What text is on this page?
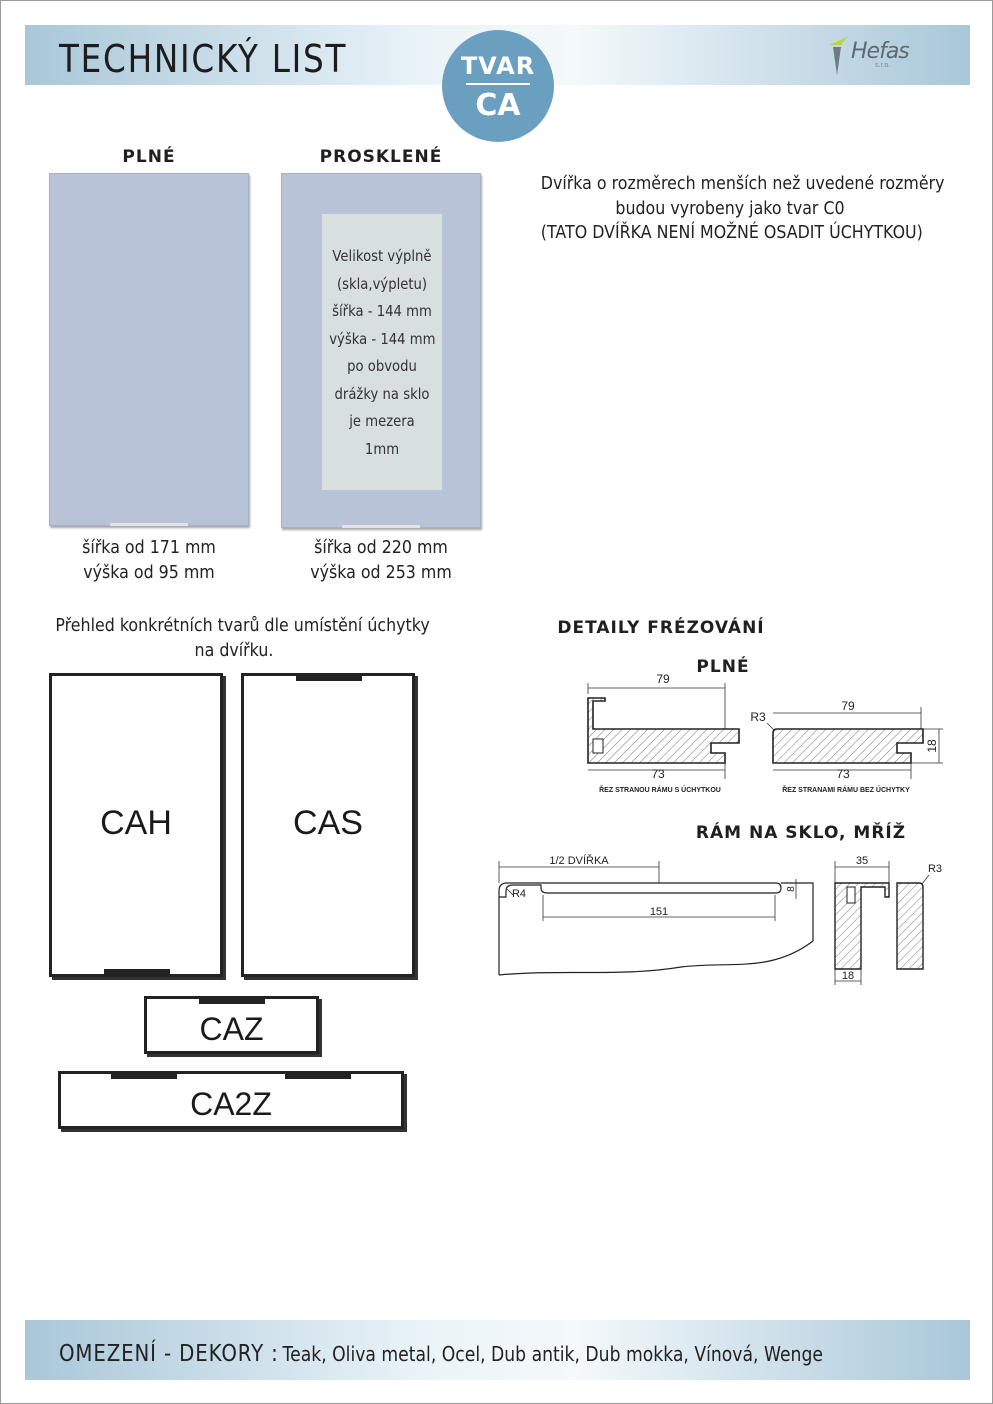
TECHNICKÝ LIST	TVAR
CA
Hefas
s.r.o.
PLNÉ	PROSKLENÉ
Velikost výplně
(skla,výpletu)
šířka - 144 mm
výška - 144 mm
po obvodu
drážky na sklo
je mezera
1mm
šířka od 171 mm
výška od 95 mm
šířka od 220 mm
výška od 253 mm
Dvířka o rozměrech menších než uvedené rozměry
budou vyrobeny jako tvar C0
(TATO DVÍŘKA NENÍ MOŽNÉ OSADIT ÚCHYTKOU)
Přehled konkrétních tvarů dle umístění úchytky
na dvířku.
CAH	CAS
CAZ
CA2Z
DETAILY FRÉZOVÁNÍ
PLNÉ
RÁM NA SKLO, MŘÍŽ
79
73
ŘEZ STRANOU RÁMU S ÚCHYTKOU
79
R3
18
73
ŘEZ STRANAMI RÁMU BEZ ÚCHYTKY
1/2 DVÍŘKA
R4	8
151
35
R3
18
OMEZENÍ - DEKORY : Teak, Oliva metal, Ocel, Dub antik, Dub mokka, Vínová, Wenge
